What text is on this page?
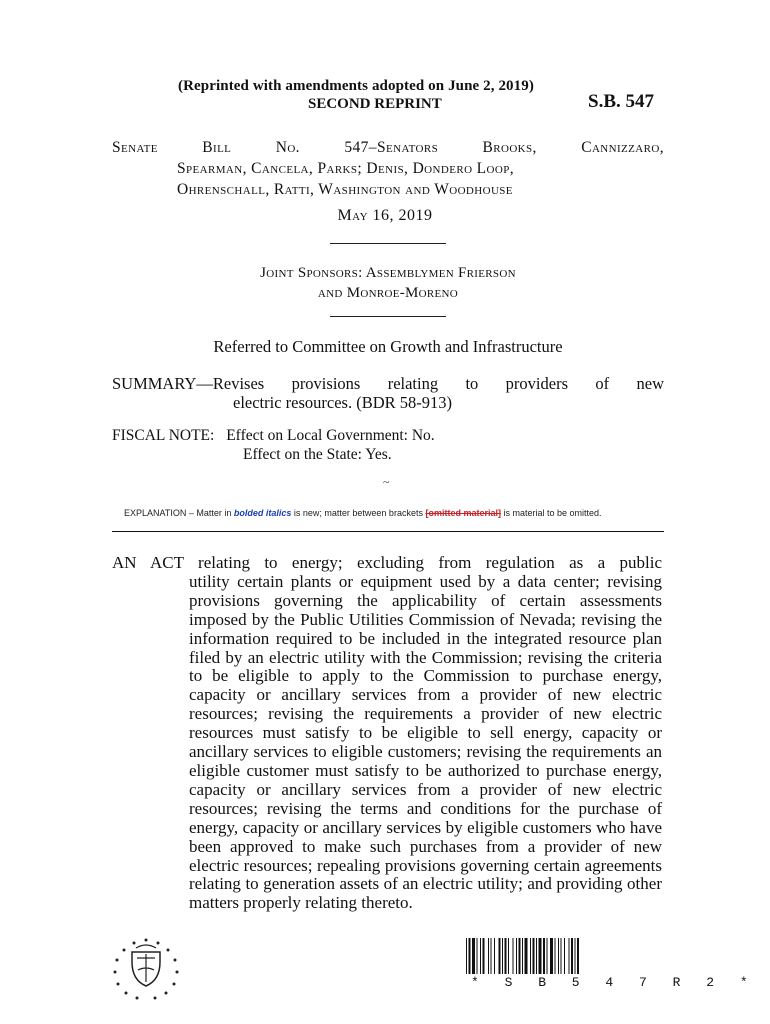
(Reprinted with amendments adopted on June 2, 2019)
SECOND REPRINT	S.B. 547
Senate Bill No. 547–Senators Brooks, Cannizzaro,
Spearman, Cancela, Parks; Denis, Dondero Loop,
Ohrenschall, Ratti, Washington and Woodhouse
May 16, 2019
Joint Sponsors: Assemblymen Frierson
and Monroe-Moreno
Referred to Committee on Growth and Infrastructure
SUMMARY—Revises provisions relating to providers of new
electric resources. (BDR 58-913)
FISCAL NOTE: Effect on Local Government: No.
Effect on the State: Yes.
~
EXPLANATION – Matter in bolded italics is new; matter between brackets [omitted material] is material to be omitted.
AN ACT relating to energy; excluding from regulation as a public
utility certain plants or equipment used by a data center; revising provisions governing the applicability of certain assessments imposed by the Public Utilities Commission of Nevada; revising the information required to be included in the integrated resource plan filed by an electric utility with the Commission; revising the criteria to be eligible to apply to the Commission to purchase energy, capacity or ancillary services from a provider of new electric resources; revising the requirements a provider of new electric resources must satisfy to be eligible to sell energy, capacity or ancillary services to eligible customers; revising the requirements an eligible customer must satisfy to be authorized to purchase energy, capacity or ancillary services from a provider of new electric resources; revising the terms and conditions for the purchase of energy, capacity or ancillary services by eligible customers who have been approved to make such purchases from a provider of new electric resources; repealing provisions governing certain agreements relating to generation assets of an electric utility; and providing other matters properly relating thereto.
* S B 5 4 7 R 2 *
